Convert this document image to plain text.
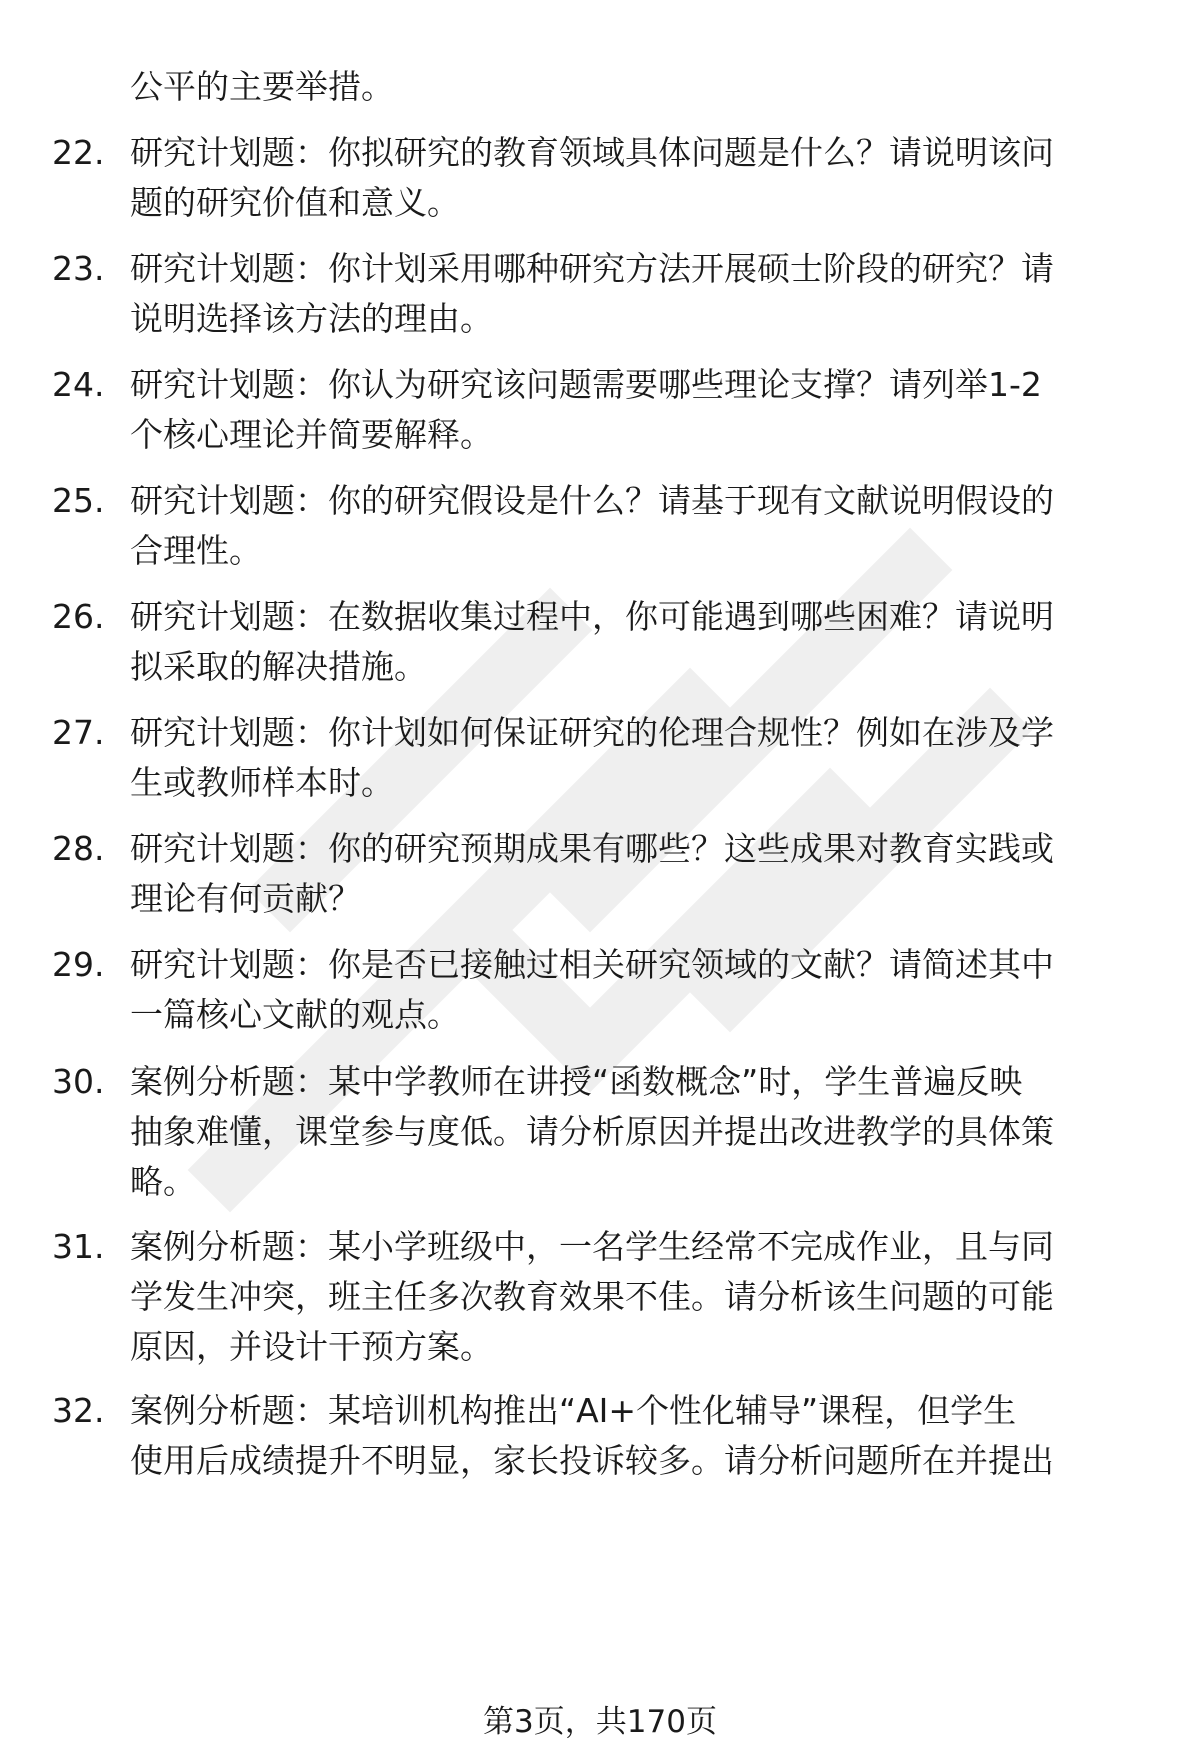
公平的主要举措。
22. 研究计划题：你拟研究的教育领域具体问题是什么？请说明该问
题的研究价值和意义。
23. 研究计划题：你计划采用哪种研究方法开展硕士阶段的研究？请
说明选择该方法的理由。
24. 研究计划题：你认为研究该问题需要哪些理论支撑？请列举1-2
个核心理论并简要解释。
25. 研究计划题：你的研究假设是什么？请基于现有文献说明假设的
合理性。
26. 研究计划题：在数据收集过程中，你可能遇到哪些困难？请说明
拟采取的解决措施。
27. 研究计划题：你计划如何保证研究的伦理合规性？例如在涉及学
生或教师样本时。
28. 研究计划题：你的研究预期成果有哪些？这些成果对教育实践或
理论有何贡献？
29. 研究计划题：你是否已接触过相关研究领域的文献？请简述其中
一篇核心文献的观点。
30. 案例分析题：某中学教师在讲授“函数概念”时，学生普遍反映
抽象难懂，课堂参与度低。请分析原因并提出改进教学的具体策
略。
31. 案例分析题：某小学班级中，一名学生经常不完成作业，且与同
学发生冲突，班主任多次教育效果不佳。请分析该生问题的可能
原因，并设计干预方案。
32. 案例分析题：某培训机构推出“AI+个性化辅导”课程，但学生
使用后成绩提升不明显，家长投诉较多。请分析问题所在并提出
第3页，共170页
